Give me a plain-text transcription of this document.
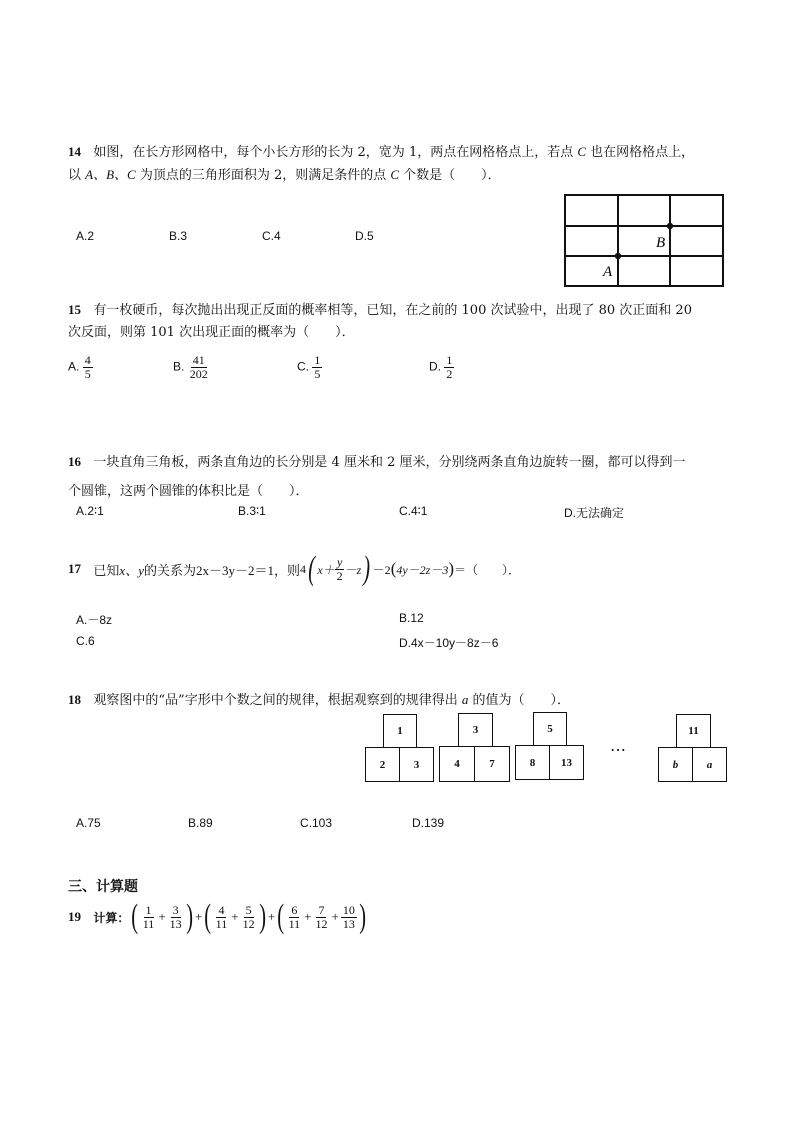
14 如图，在长方形网格中，每个小长方形的长为 2，宽为 1，两点在网格格点上，若点 C 也在网格格点上，
以 A、B、C 为顶点的三角形面积为 2，则满足条件的点 C 个数是（　　）．
A.2	B.3	C.4	D.5	B
A
15 有一枚硬币，每次抛出出现正反面的概率相等，已知，在之前的 100 次试验中，出现了 80 次正面和 20
次反面，则第 101 次出现正面的概率为（　　）．
A. $\frac{4}{5}$	B. $\frac{41}{202}$	C. $\frac{1}{5}$	D. $\frac{1}{2}$
16 一块直角三角板，两条直角边的长分别是 4 厘米和 2 厘米，分别绕两条直角边旋转一圈，都可以得到一
个圆锥，这两个圆锥的体积比是（　　）．
A.2∶1	B.3∶1	C.4∶1	D.无法确定
17
已知 x、y 的关系为 2x－3y－2＝1 ，则 4 ( $x+ \frac{y}{2} -z$ ) －2 ( 4y－2z－3 ) ＝（　　）．
A.－8z	B.12
C.6	D.4x－10y－8z－6
18 观察图中的“品”字形中个数之间的规律，根据观察到的规律得出 a 的值为（　　）．
1
2	3
3
4	7
5
8	13
…
11
b	a
A.75	B.89	C.103	D.139
三、计算题
19
计算： ( $\frac{1}{11} + \frac{3}{13}$ ) + ( $\frac{4}{11} + \frac{5}{12}$ ) + ( $\frac{6}{11} + \frac{7}{12} + \frac{10}{13}$ )
